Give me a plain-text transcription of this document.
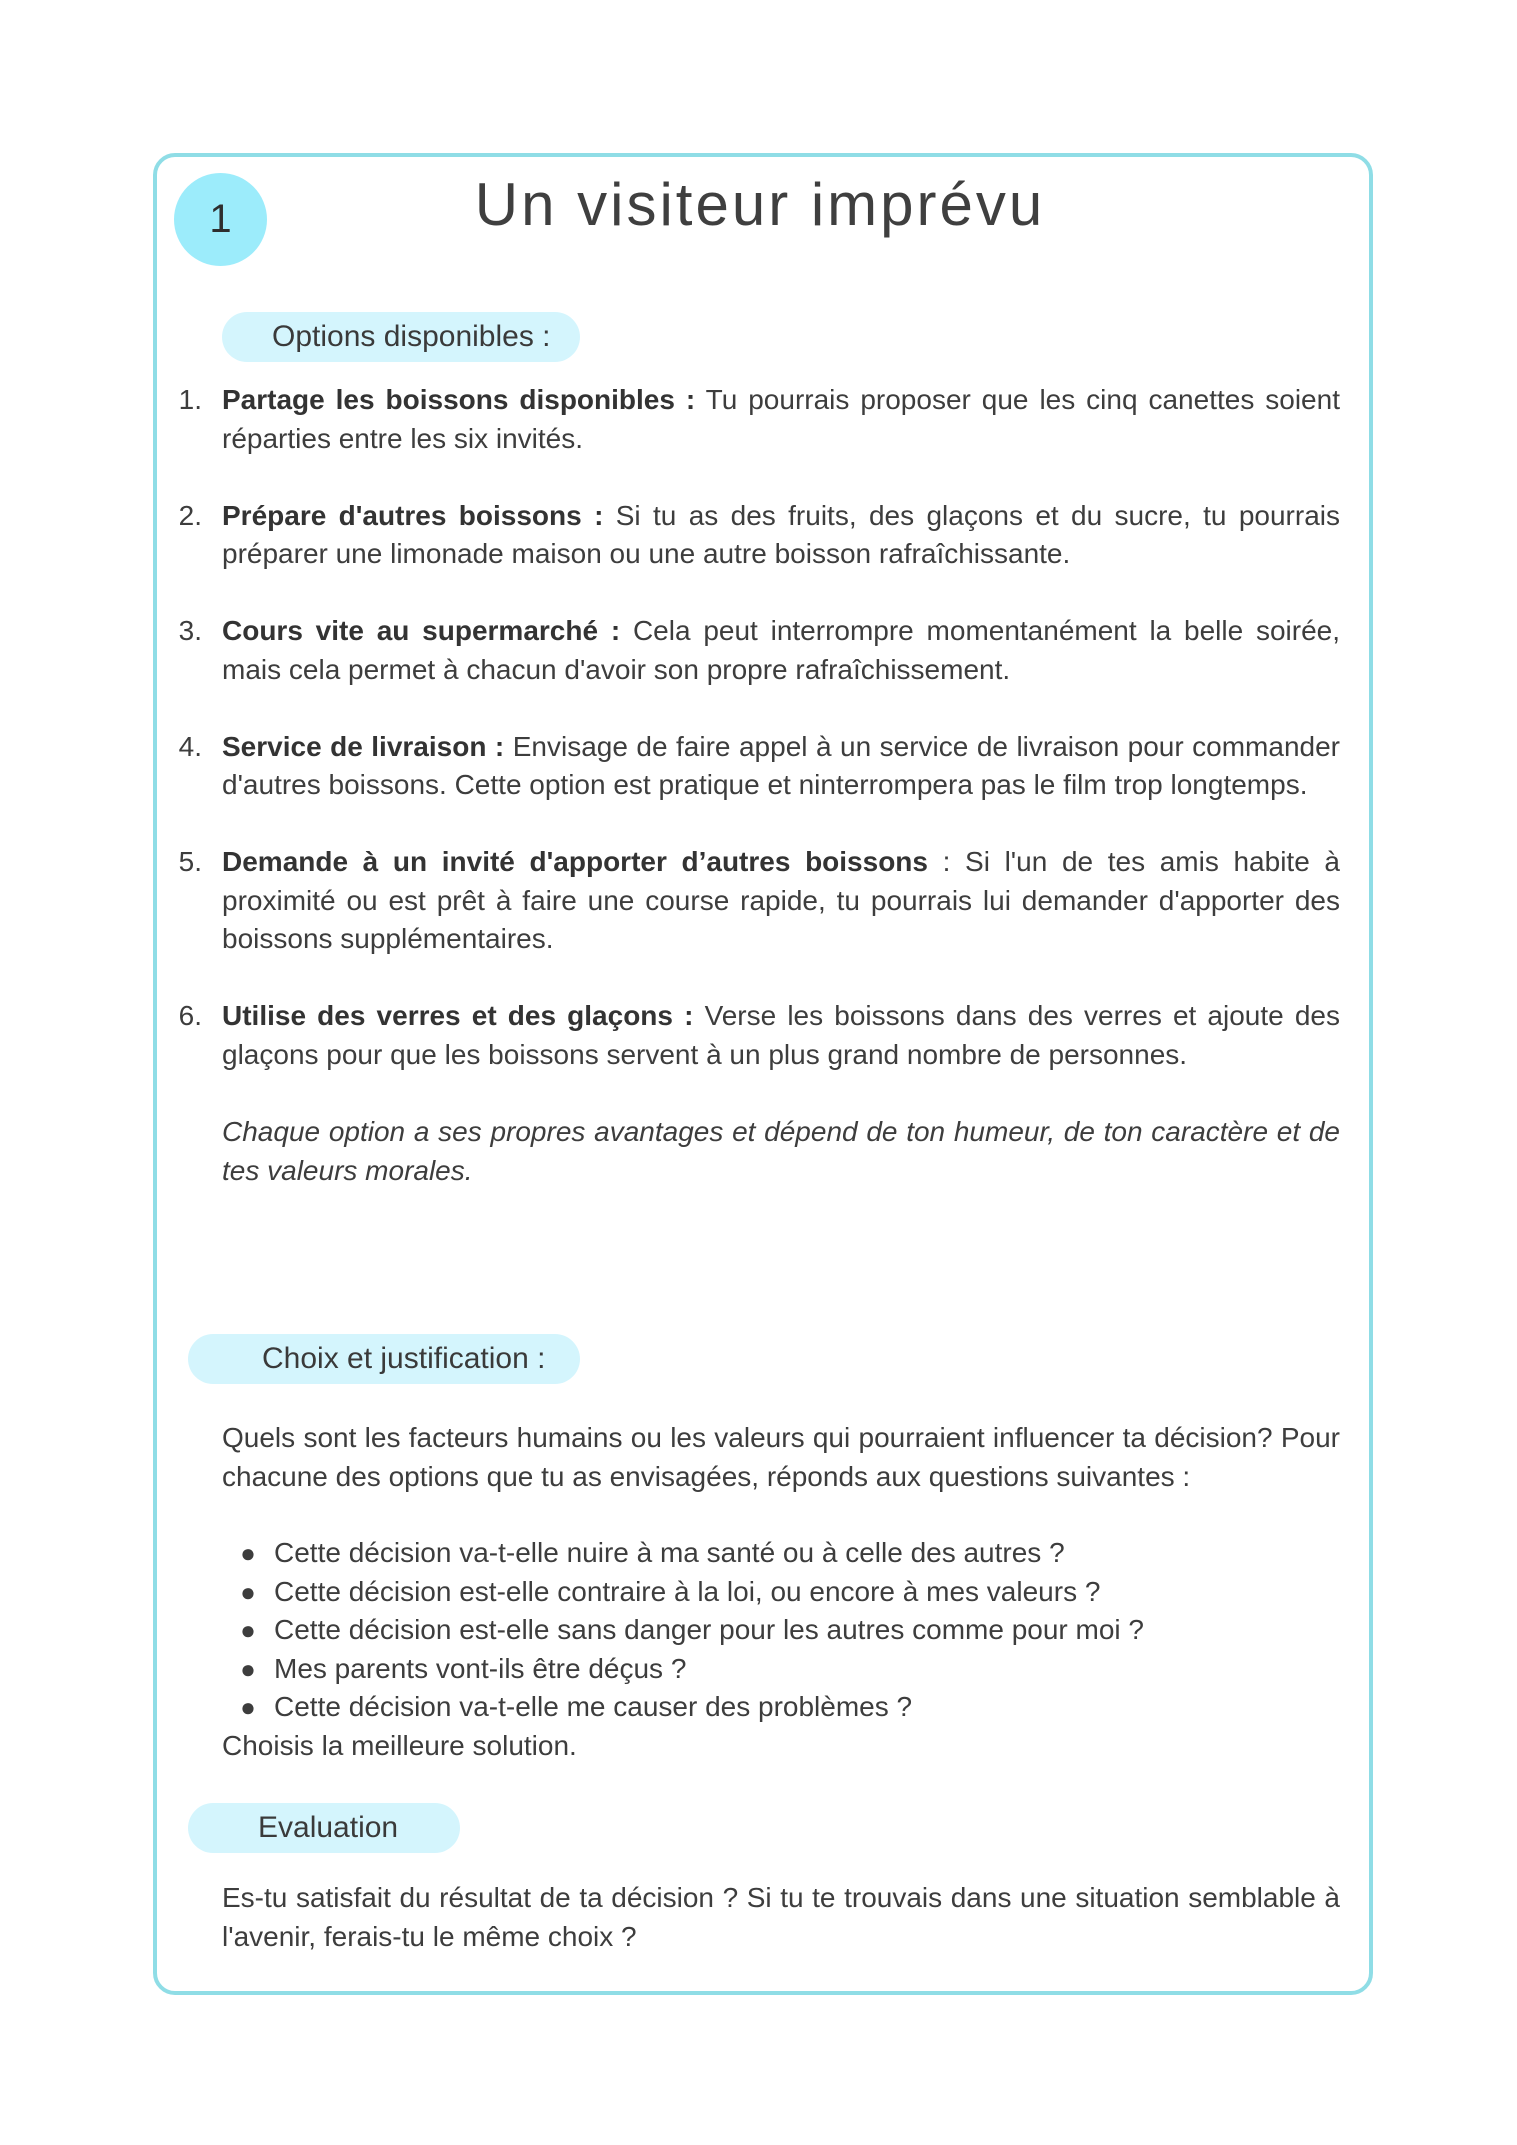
1	Un visiteur imprévu
Options disponibles :
1. Partage les boissons disponibles : Tu pourrais proposer que les cinq canettes soient réparties entre les six invités.
2. Prépare d'autres boissons : Si tu as des fruits, des glaçons et du sucre, tu pourrais préparer une limonade maison ou une autre boisson rafraîchissante.
3. Cours vite au supermarché : Cela peut interrompre momentanément la belle soirée, mais cela permet à chacun d'avoir son propre rafraîchissement.
4. Service de livraison : Envisage de faire appel à un service de livraison pour commander d'autres boissons. Cette option est pratique et ninterrompera pas le film trop longtemps.
5. Demande à un invité d'apporter d’autres boissons : Si l'un de tes amis habite à proximité ou est prêt à faire une course rapide, tu pourrais lui demander d'apporter des boissons supplémentaires.
6. Utilise des verres et des glaçons : Verse les boissons dans des verres et ajoute des glaçons pour que les boissons servent à un plus grand nombre de personnes.

Chaque option a ses propres avantages et dépend de ton humeur, de ton caractère et de tes valeurs morales.

Choix et justification :

Quels sont les facteurs humains ou les valeurs qui pourraient influencer ta décision? Pour chacune des options que tu as envisagées, réponds aux questions suivantes :

● Cette décision va-t-elle nuire à ma santé ou à celle des autres ?
● Cette décision est-elle contraire à la loi, ou encore à mes valeurs ?
● Cette décision est-elle sans danger pour les autres comme pour moi ?
● Mes parents vont-ils être déçus ?
● Cette décision va-t-elle me causer des problèmes ?

Choisis la meilleure solution.

Evaluation

Es-tu satisfait du résultat de ta décision ? Si tu te trouvais dans une situation semblable à l'avenir, ferais-tu le même choix ?
